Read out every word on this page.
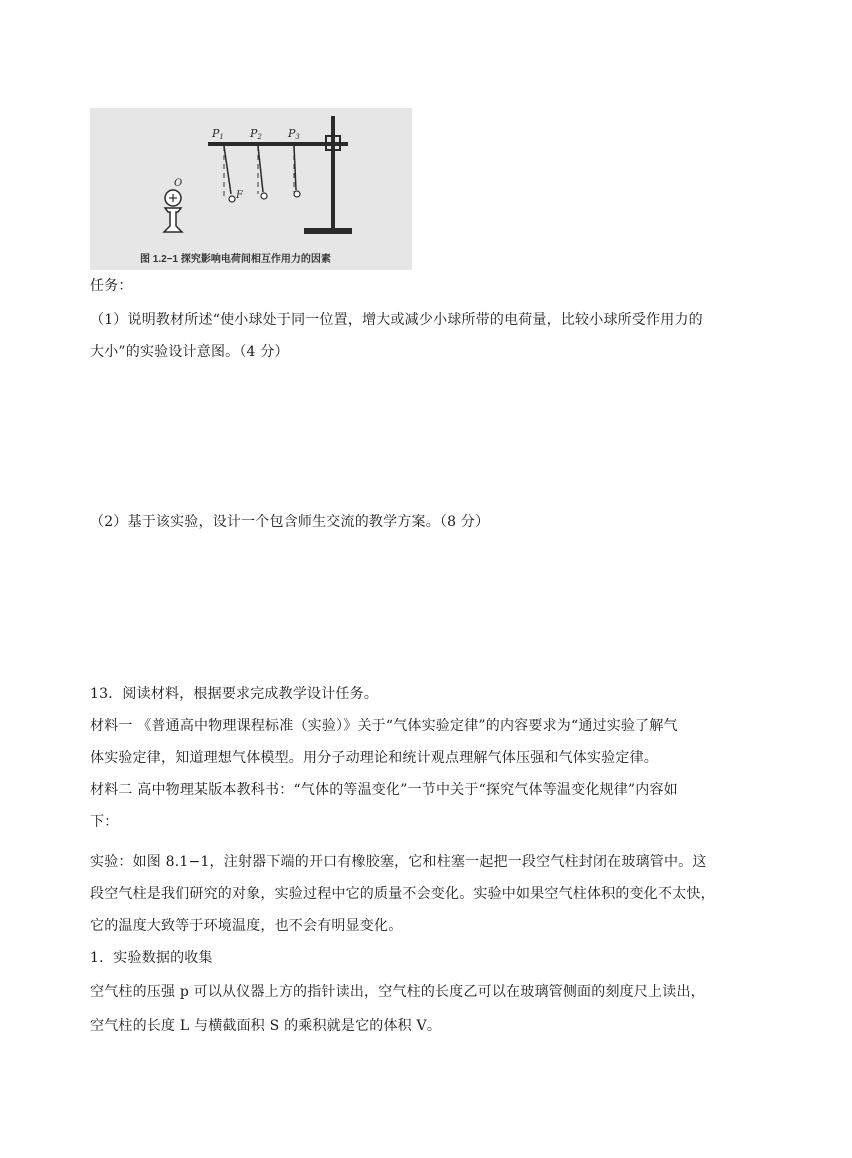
P1 P2 P3
F
O
图 1.2−1 探究影响电荷间相互作用力的因素
任务：
（1）说明教材所述“使小球处于同一位置，增大或减少小球所带的电荷量，比较小球所受作用力的
大小”的实验设计意图。（4 分）
（2）基于该实验，设计一个包含师生交流的教学方案。（8 分）
13．阅读材料，根据要求完成教学设计任务。
材料一 《普通高中物理课程标准（实验）》关于“气体实验定律”的内容要求为“通过实验了解气
体实验定律，知道理想气体模型。用分子动理论和统计观点理解气体压强和气体实验定律。
材料二 高中物理某版本教科书：“气体的等温变化”一节中关于“探究气体等温变化规律”内容如
下：
实验：如图 8.1−1，注射器下端的开口有橡胶塞，它和柱塞一起把一段空气柱封闭在玻璃管中。这
段空气柱是我们研究的对象，实验过程中它的质量不会变化。实验中如果空气柱体积的变化不太快，
它的温度大致等于环境温度，也不会有明显变化。
1．实验数据的收集
空气柱的压强 p 可以从仪器上方的指针读出，空气柱的长度乙可以在玻璃管侧面的刻度尺上读出，
空气柱的长度 L 与横截面积 S 的乘积就是它的体积 V。
